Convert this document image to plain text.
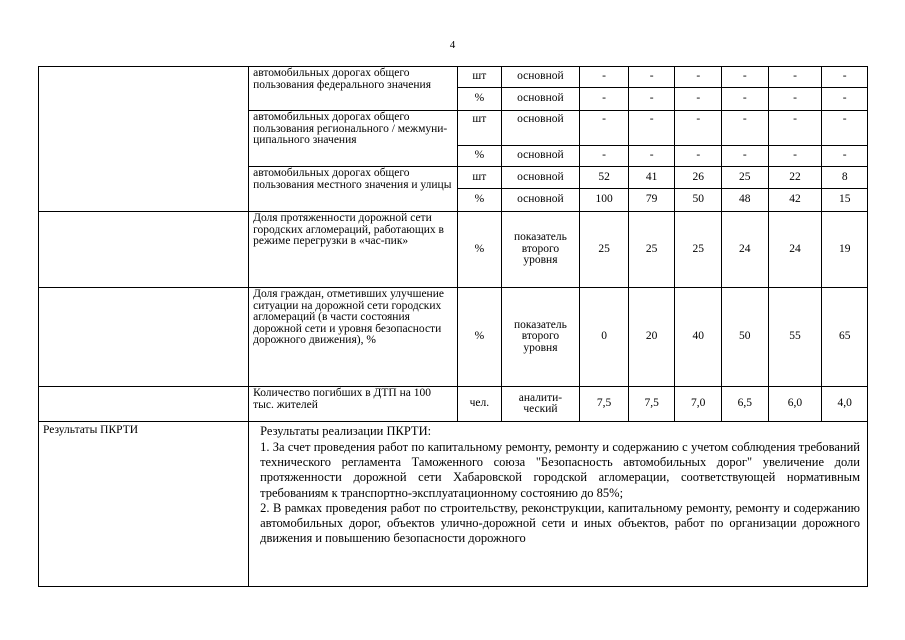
4
	автомобильных дорогах общего пользования федерального значения	шт	основной	-	-	-	-	-	-
		%	основной	-	-	-	-	-	-
	автомобильных дорогах общего пользования регионального / межмуни-ципального значения	шт	основной	-	-	-	-	-	-
		%	основной	-	-	-	-	-	-
	автомобильных дорогах общего пользования местного значения и улицы	шт	основной	52	41	26	25	22	8
		%	основной	100	79	50	48	42	15
	Доля протяженности дорожной сети городских агломераций, работающих в режиме перегрузки в «час-пик»	%	показатель второго уровня	25	25	25	24	24	19
	Доля граждан, отметивших улучшение ситуации на дорожной сети городских агломераций (в части состояния дорожной сети и уровня безопасности дорожного движения), %	%	показатель второго уровня	0	20	40	50	55	65
	Количество погибших в ДТП на 100 тыс. жителей	чел.	аналити-ческий	7,5	7,5	7,0	6,5	6,0	4,0
Результаты ПКРТИ	Результаты реализации ПКРТИ:

1. За счет проведения работ по капитальному ремонту, ремонту и содержанию с учетом соблюдения требований технического регламента Таможенного союза "Безопасность автомобильных дорог" увеличение доли протяженности дорожной сети Хабаровской городской агломерации, соответствующей нормативным требованиям к транспортно-эксплуатационному состоянию до 85%;

2. В рамках проведения работ по строительству, реконструкции, капитальному ремонту, ремонту и содержанию автомобильных дорог, объектов улично-дорожной сети и иных объектов, работ по организации дорожного движения и повышению безопасности дорожного								
